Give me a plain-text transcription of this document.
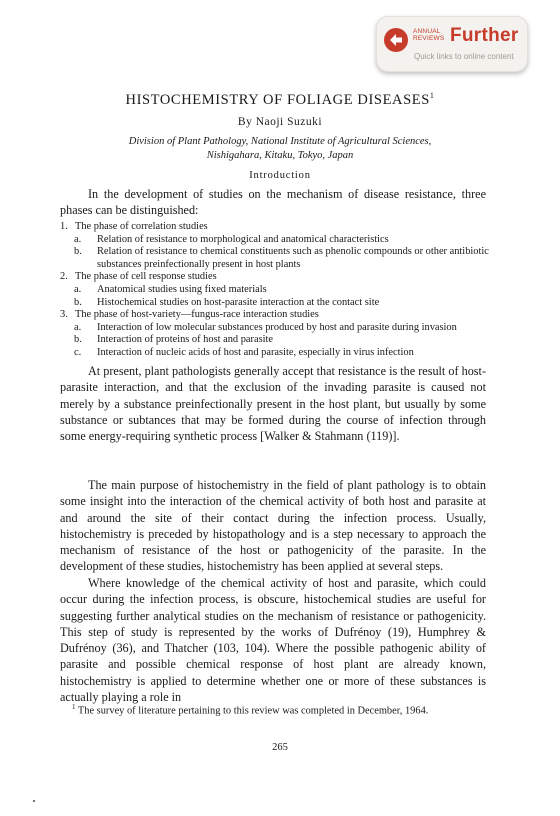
ANNUAL
REVIEWS Further
Quick links to online content
HISTOCHEMISTRY OF FOLIAGE DISEASES$^1$
By Naoji Suzuki
Division of Plant Pathology, National Institute of Agricultural Sciences,
Nishigahara, Kitaku, Tokyo, Japan
Introduction

In the development of studies on the mechanism of disease resistance, three phases can be distinguished:

1. The phase of correlation studies
a. Relation of resistance to morphological and anatomical characteristics
b. Relation of resistance to chemical constituents such as phenolic compounds or other antibiotic substances preinfectionally present in host plants
2. The phase of cell response studies
a. Anatomical studies using fixed materials
b. Histochemical studies on host-parasite interaction at the contact site
3. The phase of host-variety—fungus-race interaction studies
a. Interaction of low molecular substances produced by host and parasite during invasion
b. Interaction of proteins of host and parasite
c. Interaction of nucleic acids of host and parasite, especially in virus infection

At present, plant pathologists generally accept that resistance is the result of host-parasite interaction, and that the exclusion of the invading parasite is caused not merely by a substance preinfectionally present in the host plant, but usually by some substance or subtances that may be formed during the course of infection through some energy-requiring synthetic process [Walker & Stahmann (119)].

The main purpose of histochemistry in the field of plant pathology is to obtain some insight into the interaction of the chemical activity of both host and parasite at and around the site of their contact during the infection process. Usually, histochemistry is preceded by histopathology and is a step necessary to approach the mechanism of resistance of the host or pathogenicity of the parasite. In the development of these studies, histochemistry has been applied at several steps.

Where knowledge of the chemical activity of host and parasite, which could occur during the infection process, is obscure, histochemical studies are useful for suggesting further analytical studies on the mechanism of resistance or pathogenicity. This step of study is represented by the works of Dufrénoy (19), Humphrey & Dufrénoy (36), and Thatcher (103, 104). Where the possible pathogenic ability of parasite and possible chemical response of host plant are already known, histochemistry is applied to determine whether one or more of these substances is actually playing a role in

$^1$ The survey of literature pertaining to this review was completed in December, 1964.

265
